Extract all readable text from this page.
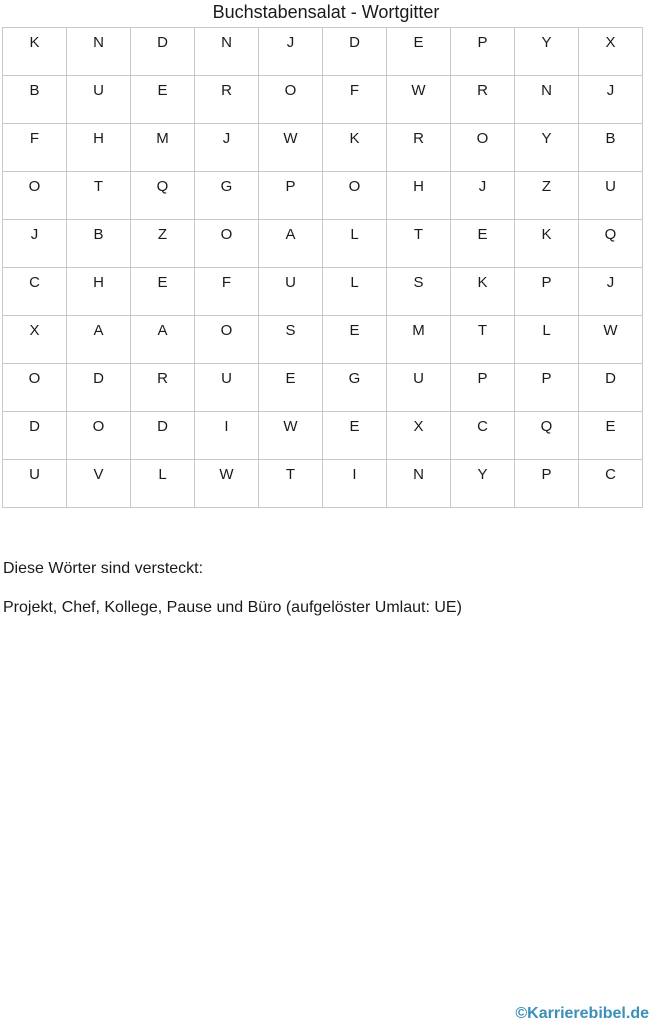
Buchstabensalat - Wortgitter
K	N	D	N	J	D	E	P	Y	X
B	U	E	R	O	F	W	R	N	J
F	H	M	J	W	K	R	O	Y	B
O	T	Q	G	P	O	H	J	Z	U
J	B	Z	O	A	L	T	E	K	Q
C	H	E	F	U	L	S	K	P	J
X	A	A	O	S	E	M	T	L	W
O	D	R	U	E	G	U	P	P	D
D	O	D	I	W	E	X	C	Q	E
U	V	L	W	T	I	N	Y	P	C
Diese Wörter sind versteckt:
Projekt, Chef, Kollege, Pause und Büro (aufgelöster Umlaut: UE)
©Karrierebibel.de
